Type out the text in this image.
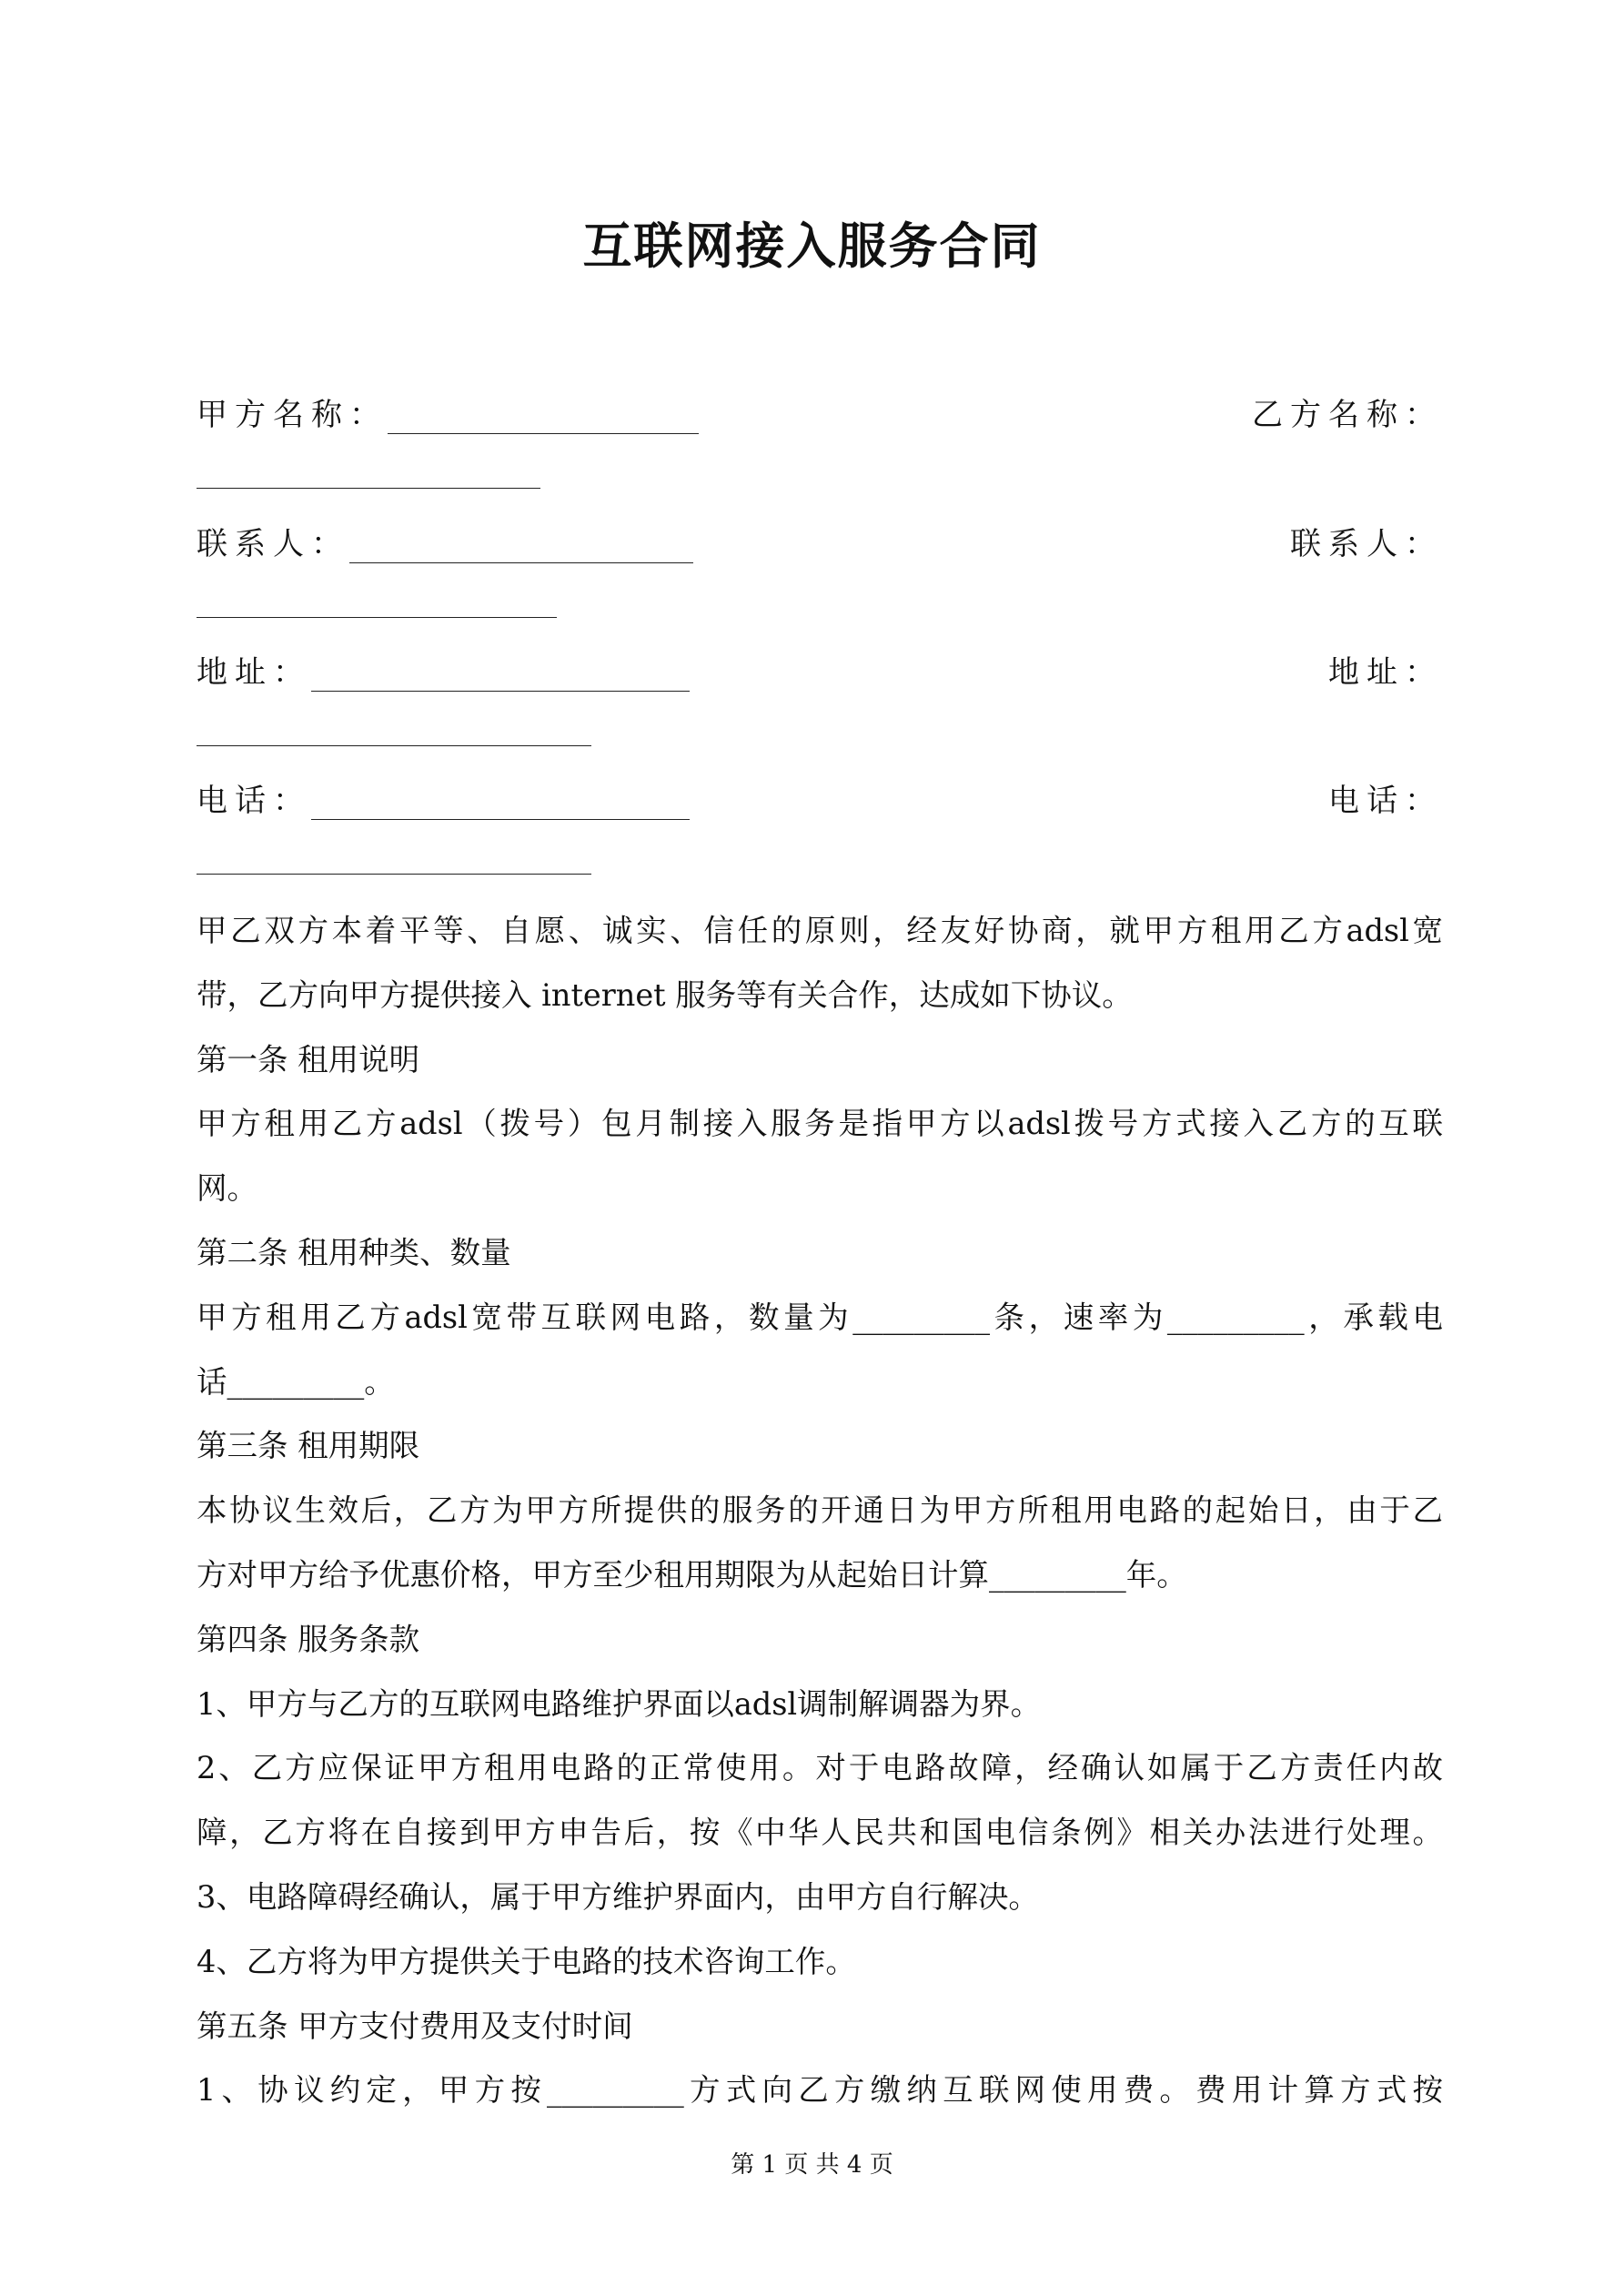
互联网接入服务合同
甲方名称：	乙方名称：
联系人：	联系人：
地址：	地址：
电话：	电话：
甲乙双方本着平等、自愿、诚实、信任的原则，经友好协商，就甲方租用乙方adsl宽
带，乙方向甲方提供接入 internet 服务等有关合作，达成如下协议。
第一条 租用说明
甲方租用乙方adsl（拨号）包月制接入服务是指甲方以adsl拨号方式接入乙方的互联
网。
第二条 租用种类、数量
甲方租用乙方adsl宽带互联网电路，数量为_________条，速率为_________，承载电
话_________。
第三条 租用期限
本协议生效后，乙方为甲方所提供的服务的开通日为甲方所租用电路的起始日，由于乙
方对甲方给予优惠价格，甲方至少租用期限为从起始日计算_________年。
第四条 服务条款
1、甲方与乙方的互联网电路维护界面以adsl调制解调器为界。
2、乙方应保证甲方租用电路的正常使用。对于电路故障，经确认如属于乙方责任内故
障，乙方将在自接到甲方申告后，按《中华人民共和国电信条例》相关办法进行处理。
3、电路障碍经确认，属于甲方维护界面内，由甲方自行解决。
4、乙方将为甲方提供关于电路的技术咨询工作。
第五条 甲方支付费用及支付时间
1、协议约定，甲方按_________方式向乙方缴纳互联网使用费。费用计算方式按
第 1 页 共 4 页
